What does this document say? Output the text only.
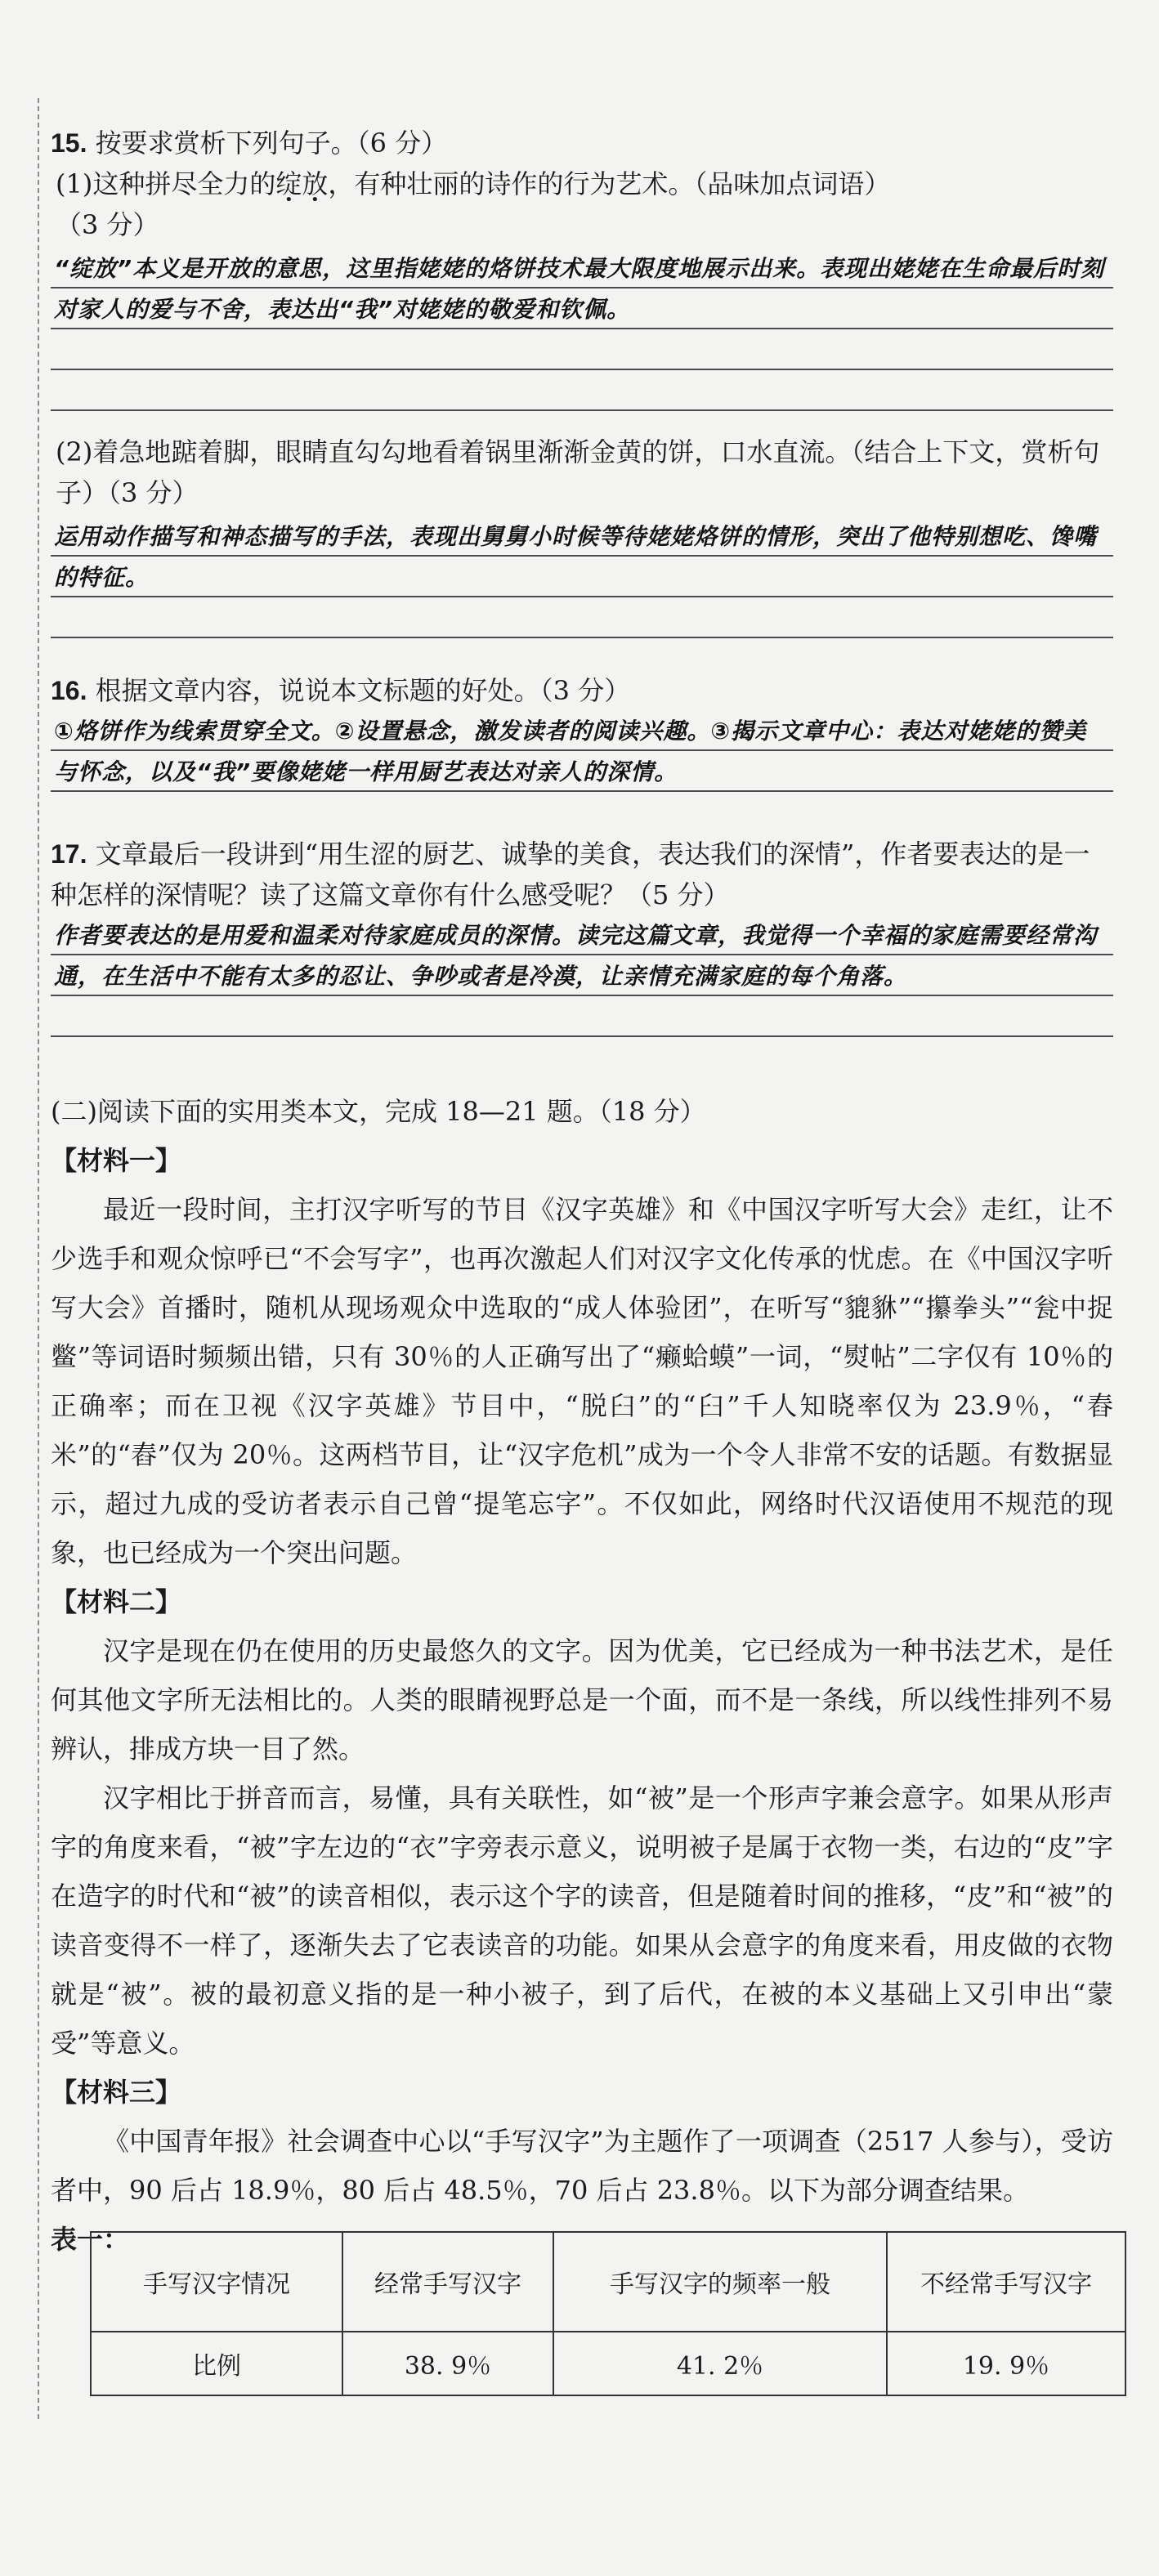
15. 按要求赏析下列句子。（6 分）

(1)这种拼尽全力的绽放，有种壮丽的诗作的行为艺术。（品味加点词语）
（3 分）

“绽放”本义是开放的意思，这里指姥姥的烙饼技术最大限度地展示出来。表现出姥姥在生命最后时刻对家人的爱与不舍，表达出“我”对姥姥的敬爱和钦佩。

(2)着急地踮着脚，眼睛直勾勾地看着锅里渐渐金黄的饼，口水直流。（结合上下文，赏析句子）（3 分）

运用动作描写和神态描写的手法，表现出舅舅小时候等待姥姥烙饼的情形，突出了他特别想吃、馋嘴的特征。

16. 根据文章内容，说说本文标题的好处。（3 分）

①烙饼作为线索贯穿全文。②设置悬念，激发读者的阅读兴趣。③揭示文章中心：表达对姥姥的赞美与怀念，以及“我”要像姥姥一样用厨艺表达对亲人的深情。

17. 文章最后一段讲到“用生涩的厨艺、诚挚的美食，表达我们的深情”，作者要表达的是一种怎样的深情呢？读了这篇文章你有什么感受呢？（5 分）

作者要表达的是用爱和温柔对待家庭成员的深情。读完这篇文章，我觉得一个幸福的家庭需要经常沟通，在生活中不能有太多的忍让、争吵或者是冷漠，让亲情充满家庭的每个角落。

(二)阅读下面的实用类本文，完成 18—21 题。（18 分）

【材料一】

最近一段时间，主打汉字听写的节目《汉字英雄》和《中国汉字听写大会》走红，让不少选手和观众惊呼已“不会写字”，也再次激起人们对汉字文化传承的忧虑。在《中国汉字听写大会》首播时，随机从现场观众中选取的“成人体验团”，在听写“貔貅”“攥拳头”“瓮中捉鳖”等词语时频频出错，只有 30％的人正确写出了“癞蛤蟆”一词，“熨帖”二字仅有 10％的正确率；而在卫视《汉字英雄》节目中，“脱臼”的“臼”千人知晓率仅为 23.9％，“舂米”的“舂”仅为 20％。这两档节目，让“汉字危机”成为一个令人非常不安的话题。有数据显示，超过九成的受访者表示自己曾“提笔忘字”。不仅如此，网络时代汉语使用不规范的现象，也已经成为一个突出问题。

【材料二】

汉字是现在仍在使用的历史最悠久的文字。因为优美，它已经成为一种书法艺术，是任何其他文字所无法相比的。人类的眼睛视野总是一个面，而不是一条线，所以线性排列不易辨认，排成方块一目了然。

汉字相比于拼音而言，易懂，具有关联性，如“被”是一个形声字兼会意字。如果从形声字的角度来看，“被”字左边的“衣”字旁表示意义，说明被子是属于衣物一类，右边的“皮”字在造字的时代和“被”的读音相似，表示这个字的读音，但是随着时间的推移，“皮”和“被”的读音变得不一样了，逐渐失去了它表读音的功能。如果从会意字的角度来看，用皮做的衣物就是“被”。被的最初意义指的是一种小被子，到了后代，在被的本义基础上又引申出“蒙受”等意义。

【材料三】

《中国青年报》社会调查中心以“手写汉字”为主题作了一项调查（2517 人参与），受访者中，90 后占 18.9％，80 后占 48.5％，70 后占 23.8％。以下为部分调查结果。

表一：

手写汉字情况	经常手写汉字	手写汉字的频率一般	不经常手写汉字
比例	38. 9％	41. 2％	19. 9％
